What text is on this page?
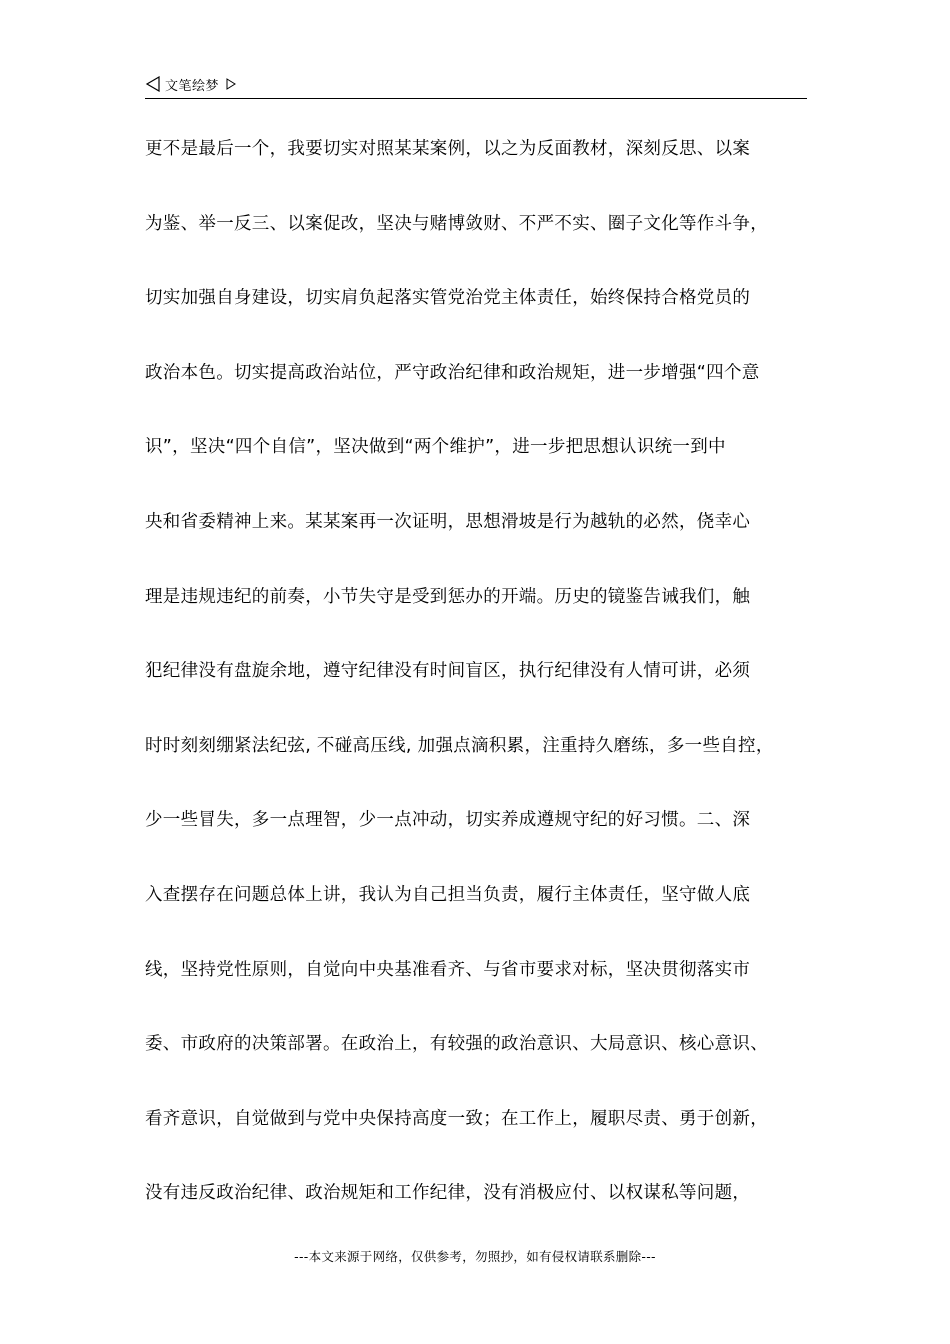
文笔绘梦
更不是最后一个，我要切实对照某某案例，以之为反面教材，深刻反思、以案
为鉴、举一反三、以案促改，坚决与赌博敛财、不严不实、圈子文化等作斗争，
切实加强自身建设，切实肩负起落实管党治党主体责任，始终保持合格党员的
政治本色。切实提高政治站位，严守政治纪律和政治规矩，进一步增强“四个意
识”，坚决“四个自信”，坚决做到“两个维护”，进一步把思想认识统一到中
央和省委精神上来。某某案再一次证明，思想滑坡是行为越轨的必然，侥幸心
理是违规违纪的前奏，小节失守是受到惩办的开端。历史的镜鉴告诫我们，触
犯纪律没有盘旋余地，遵守纪律没有时间盲区，执行纪律没有人情可讲，必须
时时刻刻绷紧法纪弦, 不碰高压线, 加强点滴积累，注重持久磨练，多一些自控，
少一些冒失，多一点理智，少一点冲动，切实养成遵规守纪的好习惯。二、深
入查摆存在问题总体上讲，我认为自己担当负责，履行主体责任，坚守做人底
线，坚持党性原则，自觉向中央基准看齐、与省市要求对标，坚决贯彻落实市
委、市政府的决策部署。在政治上，有较强的政治意识、大局意识、核心意识、
看齐意识，自觉做到与党中央保持高度一致；在工作上，履职尽责、勇于创新，
没有违反政治纪律、政治规矩和工作纪律，没有消极应付、以权谋私等问题，
---本文来源于网络，仅供参考，勿照抄，如有侵权请联系删除---
